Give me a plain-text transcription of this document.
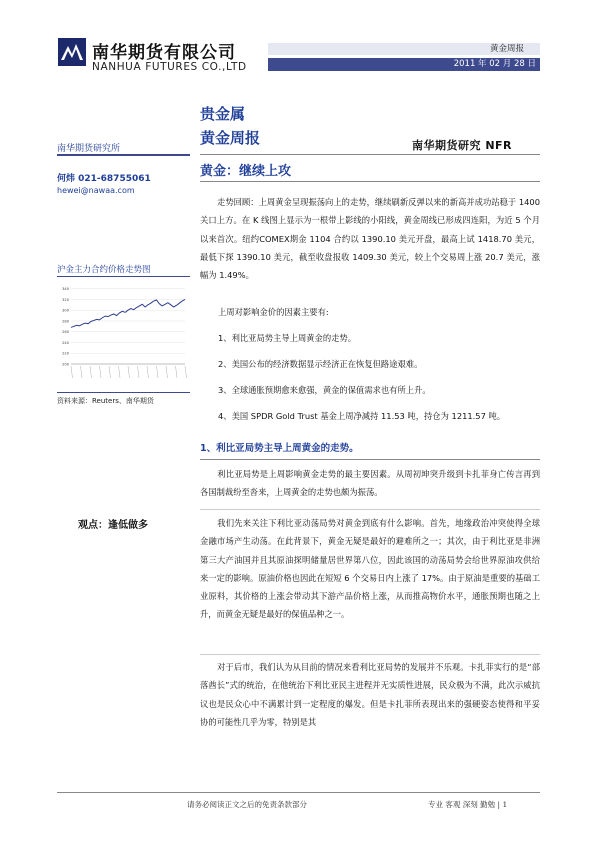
南华期货有限公司
NANHUA FUTURES CO.,LTD
黄金周报
2011 年 02 月 28 日
贵金属
黄金周报	南华期货研究 NFR
南华期货研究所
黄金：继续上攻
何炜 021-68755061
hewei@nawaa.com
沪金主力合约价格走势图
340
320
300
280
260
240
220
200
资料来源：Reuters、南华期货
走势回顾：上周黄金呈现振荡向上的走势，继续刷新反弹以来的新高并成功站稳于 1400 关口上方。在 K 线图上显示为一根带上影线的小阳线，黄金周线已形成四连阳，为近 5 个月以来首次。纽约COMEX期金 1104 合约以 1390.10 美元开盘，最高上试 1418.70 美元，最低下探 1390.10 美元，截至收盘报收 1409.30 美元，较上个交易周上涨 20.7 美元，涨幅为 1.49%。
上周对影响金价的因素主要有:
1、利比亚局势主导上周黄金的走势。
2、美国公布的经济数据显示经济正在恢复但路途艰难。
3、全球通胀预期愈来愈强，黄金的保值需求也有所上升。
4、美国 SPDR Gold Trust 基金上周净减持 11.53 吨，持仓为 1211.57 吨。
1、利比亚局势主导上周黄金的走势。
利比亚局势是上周影响黄金走势的最主要因素。从周初坤突升级到卡扎菲身亡传言再到各国制裁纷至沓来，上周黄金的走势也颇为振荡。
观点：逢低做多	我们先来关注下利比亚动荡局势对黄金到底有什么影响。首先，地缘政治冲突使得全球金融市场产生动荡。在此背景下，黄金无疑是最好的避难所之一；其次，由于利比亚是非洲第三大产油国并且其原油探明储量居世界第八位，因此该国的动荡局势会给世界原油攻供给来一定的影响。原油价格也因此在短短 6 个交易日内上涨了 17%。由于原油是重要的基础工业原料，其价格的上涨会带动其下游产品价格上涨，从而推高物价水平，通胀预期也随之上升，而黄金无疑是最好的保值品种之一。
对于后市，我们认为从目前的情况来看利比亚局势的发展并不乐观。卡扎菲实行的是“部落酋长”式的统治，在他统治下利比亚民主进程并无实质性进展，民众极为不满，此次示威抗议也是民众心中不满累计到一定程度的爆发。但是卡扎菲所表现出来的强硬姿态使得和平妥协的可能性几乎为零，特别是其
请务必阅读正文之后的免责条款部分	专业 客观 深刻 勤勉 | 1
